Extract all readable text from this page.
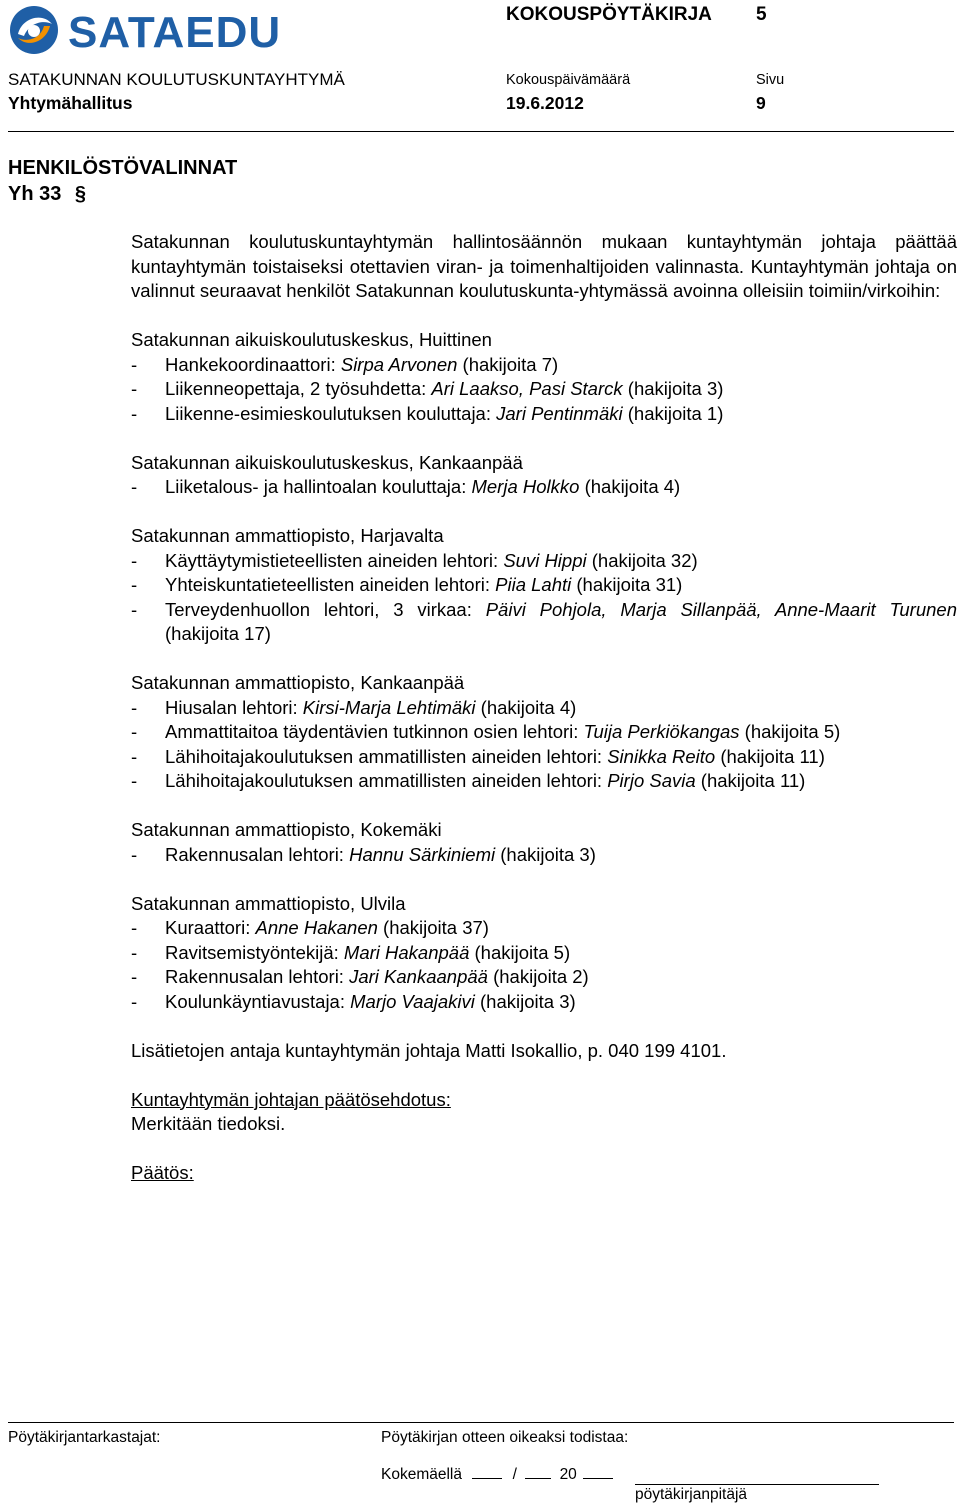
SATAEDU	KOKOUSPÖYTÄKIRJA 5
SATAKUNNAN KOULUTUSKUNTAYHTYMÄ	Kokouspäivämäärä	Sivu
Yhtymähallitus	19.6.2012	9
HENKILÖSTÖVALINNAT
Yh 33 §

Satakunnan koulutuskuntayhtymän hallintosäännön mukaan kuntayhtymän johtaja päättää kuntayhtymän toistaiseksi otettavien viran- ja toimenhaltijoiden valinnasta. Kuntayhtymän johtaja on valinnut seuraavat henkilöt Satakunnan koulutuskunta-yhtymässä avoinna olleisiin toimiin/virkoihin:

Satakunnan aikuiskoulutuskeskus, Huittinen

-	Hankekoordinaattori: Sirpa Arvonen (hakijoita 7)
-	Liikenneopettaja, 2 työsuhdetta: Ari Laakso, Pasi Starck (hakijoita 3)
-	Liikenne-esimieskoulutuksen kouluttaja: Jari Pentinmäki (hakijoita 1)

Satakunnan aikuiskoulutuskeskus, Kankaanpää

-	Liiketalous- ja hallintoalan kouluttaja: Merja Holkko (hakijoita 4)

Satakunnan ammattiopisto, Harjavalta

-	Käyttäytymistieteellisten aineiden lehtori: Suvi Hippi (hakijoita 32)
-	Yhteiskuntatieteellisten aineiden lehtori: Piia Lahti (hakijoita 31)
-	Terveydenhuollon lehtori, 3 virkaa: Päivi Pohjola, Marja Sillanpää, Anne-Maarit Turunen (hakijoita 17)

Satakunnan ammattiopisto, Kankaanpää

-	Hiusalan lehtori: Kirsi-Marja Lehtimäki (hakijoita 4)
-	Ammattitaitoa täydentävien tutkinnon osien lehtori: Tuija Perkiökangas (hakijoita 5)
-	Lähihoitajakoulutuksen ammatillisten aineiden lehtori: Sinikka Reito (hakijoita 11)
-	Lähihoitajakoulutuksen ammatillisten aineiden lehtori: Pirjo Savia (hakijoita 11)

Satakunnan ammattiopisto, Kokemäki

-	Rakennusalan lehtori: Hannu Särkiniemi (hakijoita 3)

Satakunnan ammattiopisto, Ulvila

-	Kuraattori: Anne Hakanen (hakijoita 37)
-	Ravitsemistyöntekijä: Mari Hakanpää (hakijoita 5)
-	Rakennusalan lehtori: Jari Kankaanpää (hakijoita 2)
-	Koulunkäyntiavustaja: Marjo Vaajakivi (hakijoita 3)

Lisätietojen antaja kuntayhtymän johtaja Matti Isokallio, p. 040 199 4101.

Kuntayhtymän johtajan päätösehdotus:

Merkitään tiedoksi.

Päätös:

Pöytäkirjantarkastajat:	Pöytäkirjan otteen oikeaksi todistaa:
Kokemäellä	/	20
pöytäkirjanpitäjä
